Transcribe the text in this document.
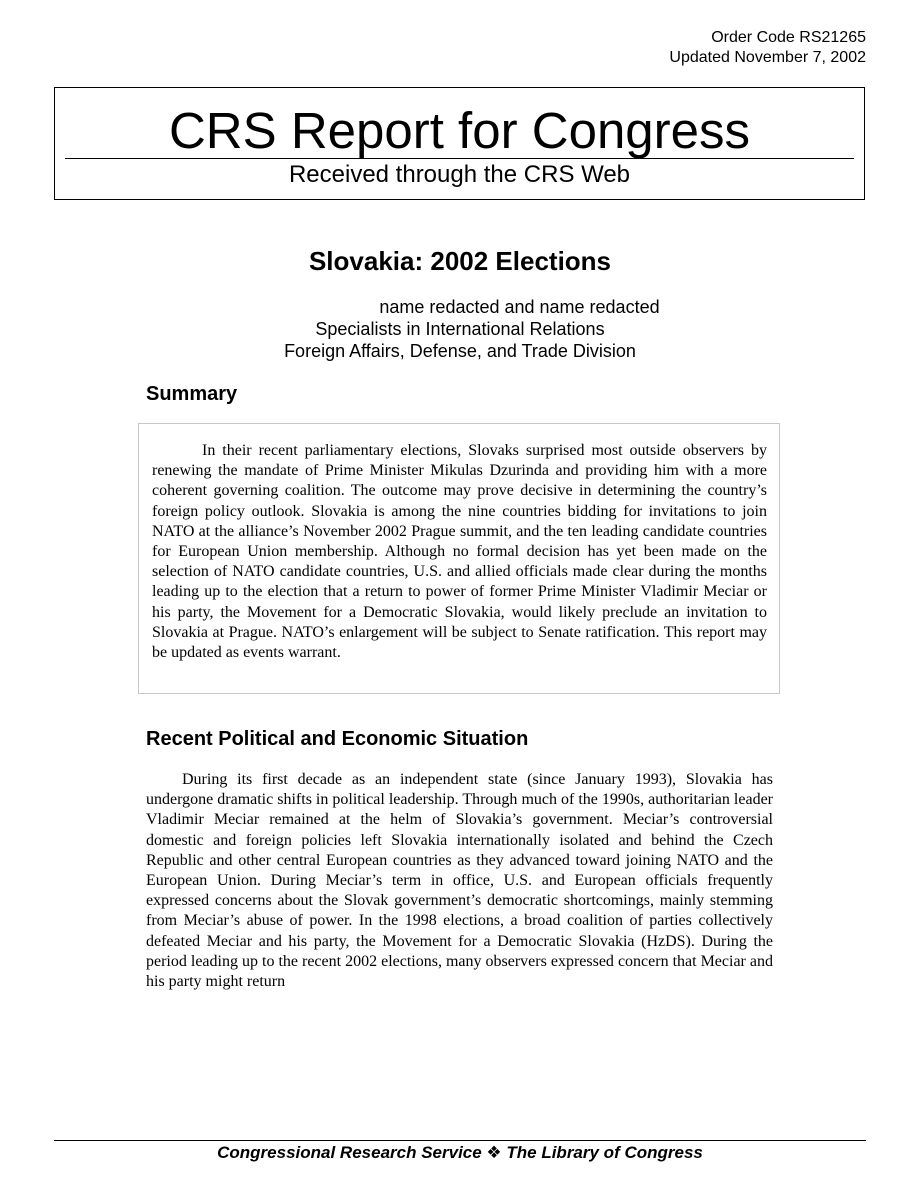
Order Code RS21265
Updated November 7, 2002
CRS Report for Congress
Received through the CRS Web
Slovakia: 2002 Elections
name redacted and name redacted
Specialists in International Relations
Foreign Affairs, Defense, and Trade Division
Summary

In their recent parliamentary elections, Slovaks surprised most outside observers by renewing the mandate of Prime Minister Mikulas Dzurinda and providing him with a more coherent governing coalition. The outcome may prove decisive in determining the country’s foreign policy outlook. Slovakia is among the nine countries bidding for invitations to join NATO at the alliance’s November 2002 Prague summit, and the ten leading candidate countries for European Union membership. Although no formal decision has yet been made on the selection of NATO candidate countries, U.S. and allied officials made clear during the months leading up to the election that a return to power of former Prime Minister Vladimir Meciar or his party, the Movement for a Democratic Slovakia, would likely preclude an invitation to Slovakia at Prague. NATO’s enlargement will be subject to Senate ratification. This report may be updated as events warrant.

Recent Political and Economic Situation

During its first decade as an independent state (since January 1993), Slovakia has undergone dramatic shifts in political leadership. Through much of the 1990s, authoritarian leader Vladimir Meciar remained at the helm of Slovakia’s government. Meciar’s controversial domestic and foreign policies left Slovakia internationally isolated and behind the Czech Republic and other central European countries as they advanced toward joining NATO and the European Union. During Meciar’s term in office, U.S. and European officials frequently expressed concerns about the Slovak government’s democratic shortcomings, mainly stemming from Meciar’s abuse of power. In the 1998 elections, a broad coalition of parties collectively defeated Meciar and his party, the Movement for a Democratic Slovakia (HzDS). During the period leading up to the recent 2002 elections, many observers expressed concern that Meciar and his party might return

Congressional Research Service ❖ The Library of Congress
